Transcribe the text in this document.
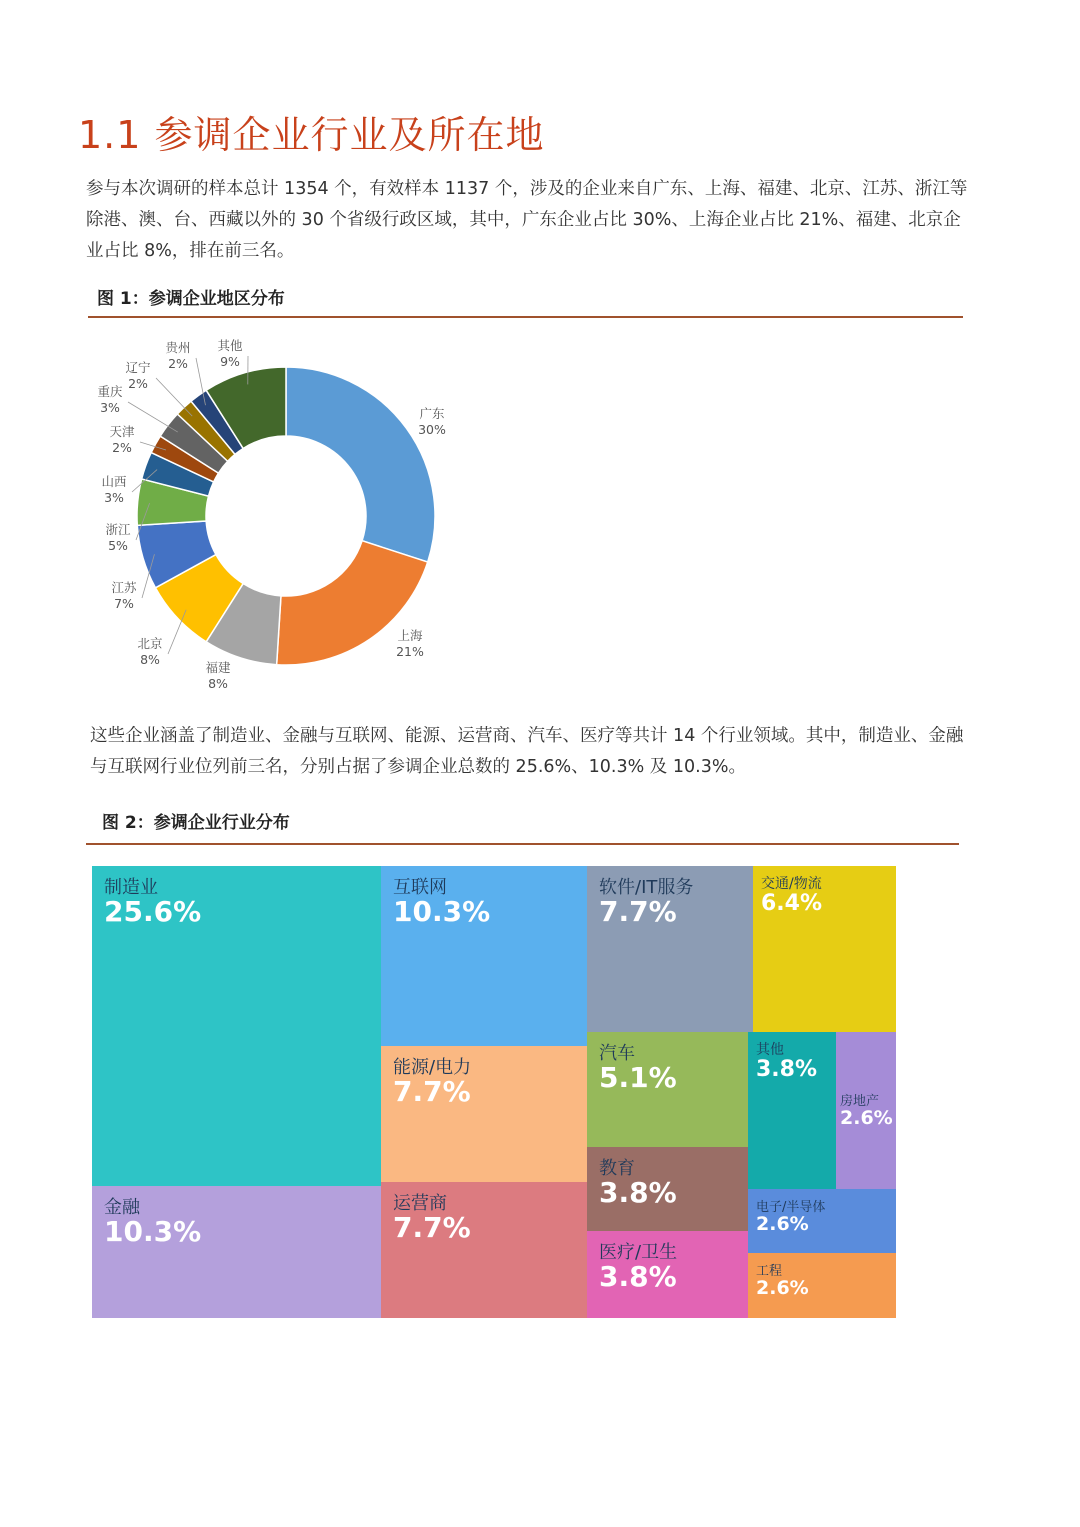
1.1 参调企业行业及所在地

参与本次调研的样本总计 1354 个，有效样本 1137 个，涉及的企业来自广东、上海、福建、北京、江苏、浙江等除港、澳、台、西藏以外的 30 个省级行政区域，其中，广东企业占比 30%、上海企业占比 21%、福建、北京企业占比 8%，排在前三名。

图 1：参调企业地区分布
广东
30%
上海
21%
福建
8%
北京
8%
江苏
7%
浙江
5%
山西
3%
天津
2%
重庆
3%
辽宁
2%
贵州
2%
其他
9%

这些企业涵盖了制造业、金融与互联网、能源、运营商、汽车、医疗等共计 14 个行业领域。其中，制造业、金融与互联网行业位列前三名，分别占据了参调企业总数的 25.6%、10.3% 及 10.3%。

图 2：参调企业行业分布
制造业
25.6%
金融
10.3%
互联网
10.3%
能源/电力
7.7%
运营商
7.7%
软件/IT服务
7.7%
汽车
5.1%
教育
3.8%
医疗/卫生
3.8%
交通/物流
6.4%
其他
3.8%
房地产
2.6%
电子/半导体
2.6%
工程
2.6%
